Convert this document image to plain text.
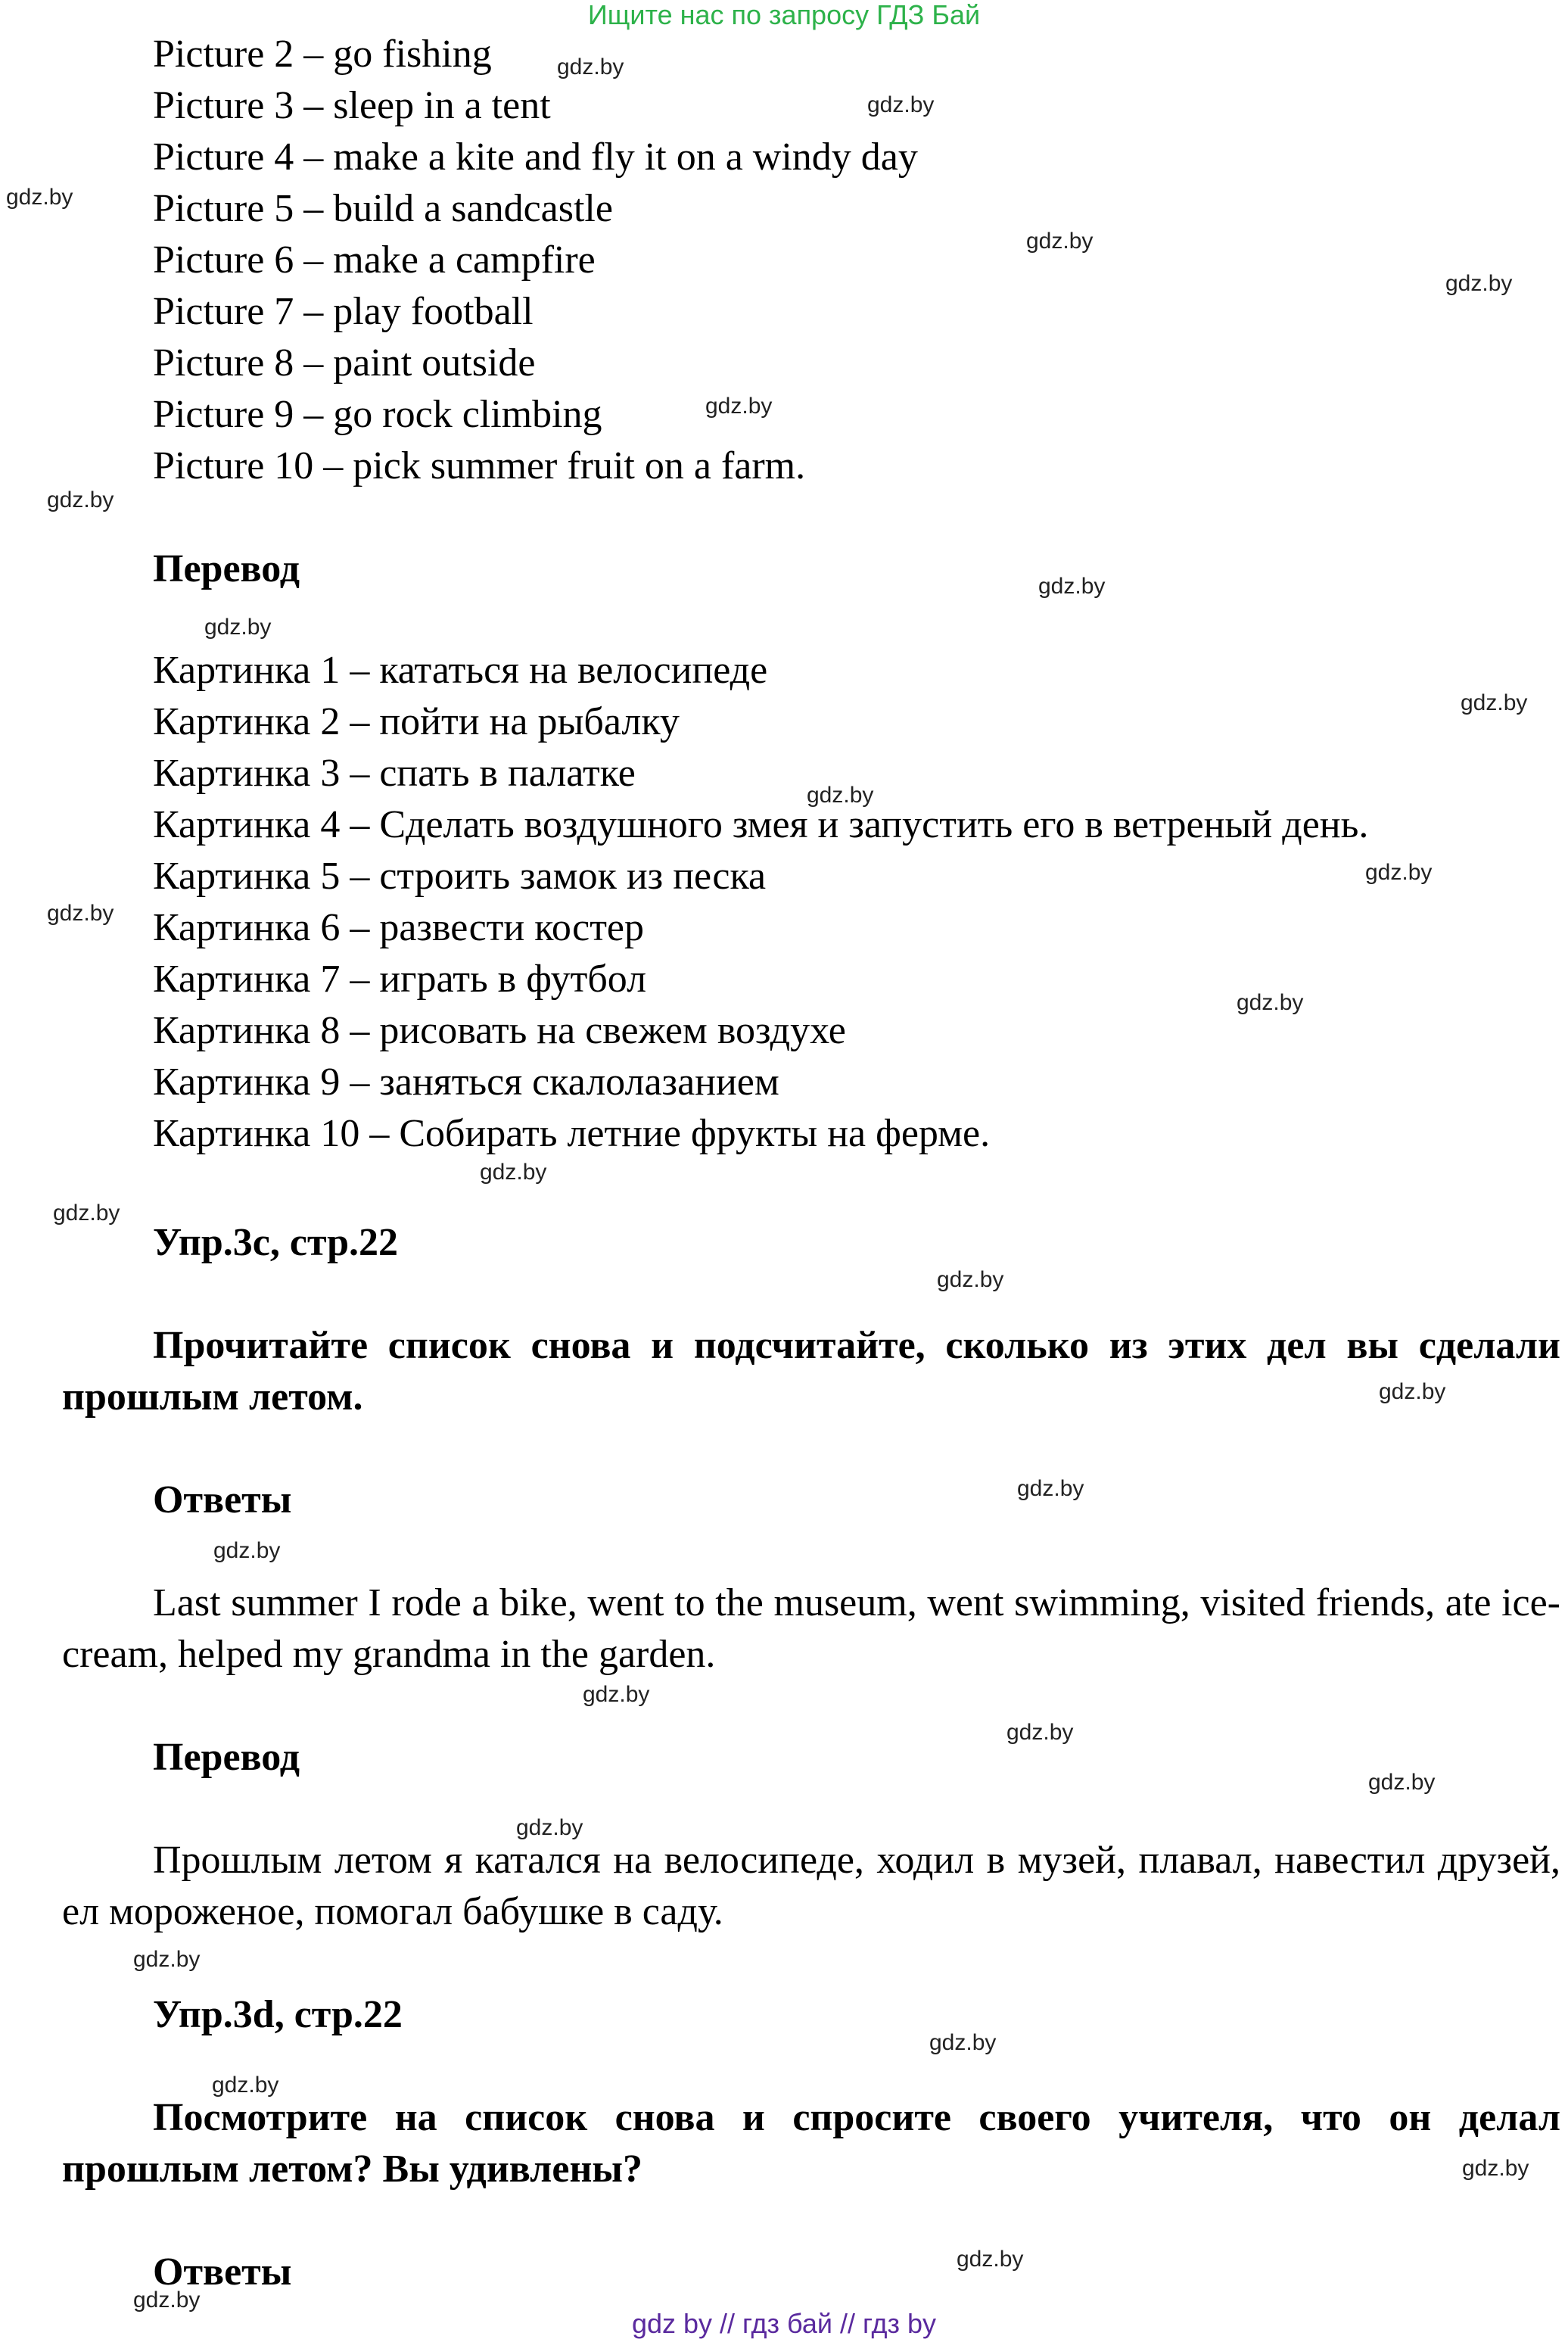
Ищите нас по запросу ГДЗ Бай
Picture 2 – go fishing
Picture 3 – sleep in a tent
Picture 4 – make a kite and fly it on a windy day
Picture 5 – build a sandcastle
Picture 6 – make a campfire
Picture 7 – play football
Picture 8 – paint outside
Picture 9 – go rock climbing
Picture 10 – pick summer fruit on a farm.
Перевод
Картинка 1 – кататься на велосипеде
Картинка 2 – пойти на рыбалку
Картинка 3 – спать в палатке
Картинка 4 – Сделать воздушного змея и запустить его в ветреный день.
Картинка 5 – строить замок из песка
Картинка 6 – развести костер
Картинка 7 – играть в футбол
Картинка 8 – рисовать на свежем воздухе
Картинка 9 – заняться скалолазанием
Картинка 10 – Собирать летние фрукты на ферме.
Упр.3c, стр.22

Прочитайте список снова и подсчитайте, сколько из этих дел вы сделали прошлым летом.

Ответы

Last summer I rode a bike, went to the museum, went swimming, visited friends, ate ice-cream, helped my grandma in the garden.

Перевод

Прошлым летом я катался на велосипеде, ходил в музей, плавал, навестил друзей, ел мороженое, помогал бабушке в саду.

Упр.3d, стр.22

Посмотрите на список снова и спросите своего учителя, что он делал прошлым летом? Вы удивлены?

Ответы
gdz.by
gdz.by
gdz.by
gdz.by
gdz.by
gdz.by
gdz.by
gdz.by
gdz.by
gdz.by
gdz.by
gdz.by
gdz.by
gdz.by
gdz.by
gdz.by
gdz.by
gdz.by
gdz.by
gdz.by
gdz.by
gdz.by
gdz.by
gdz.by
gdz.by
gdz.by
gdz.by
gdz.by
gdz.by
gdz.by
gdz by // гдз бай // гдз by
